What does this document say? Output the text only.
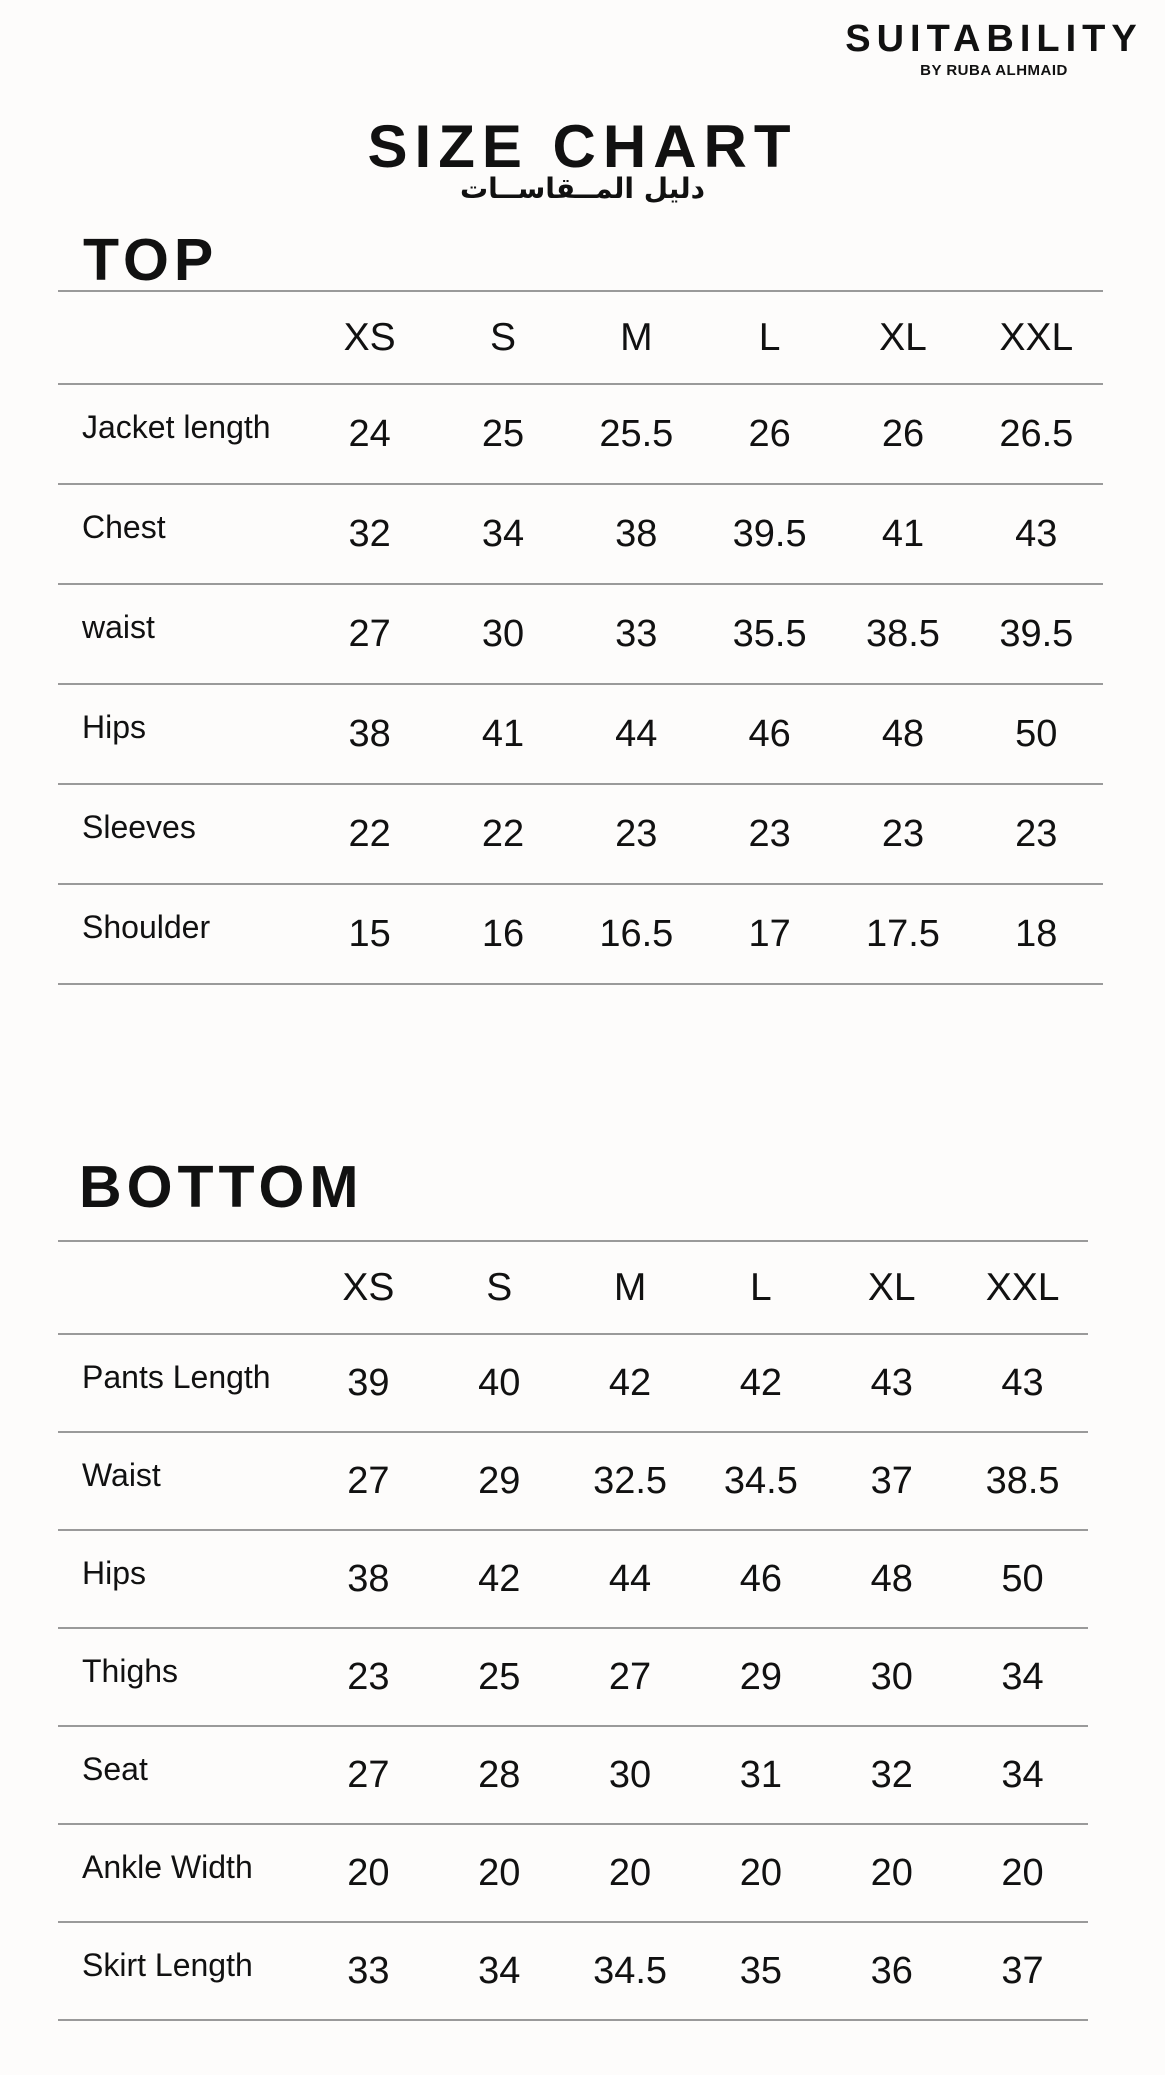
SUITABILITY
BY RUBA ALHMAID
SIZE CHART
دليل المــقاســات
TOP
	XS	S	M	L	XL	XXL
Jacket length	24	25	25.5	26	26	26.5
Chest	32	34	38	39.5	41	43
waist	27	30	33	35.5	38.5	39.5
Hips	38	41	44	46	48	50
Sleeves	22	22	23	23	23	23
Shoulder	15	16	16.5	17	17.5	18
BOTTOM
	XS	S	M	L	XL	XXL
Pants Length	39	40	42	42	43	43
Waist	27	29	32.5	34.5	37	38.5
Hips	38	42	44	46	48	50
Thighs	23	25	27	29	30	34
Seat	27	28	30	31	32	34
Ankle Width	20	20	20	20	20	20
Skirt Length	33	34	34.5	35	36	37
